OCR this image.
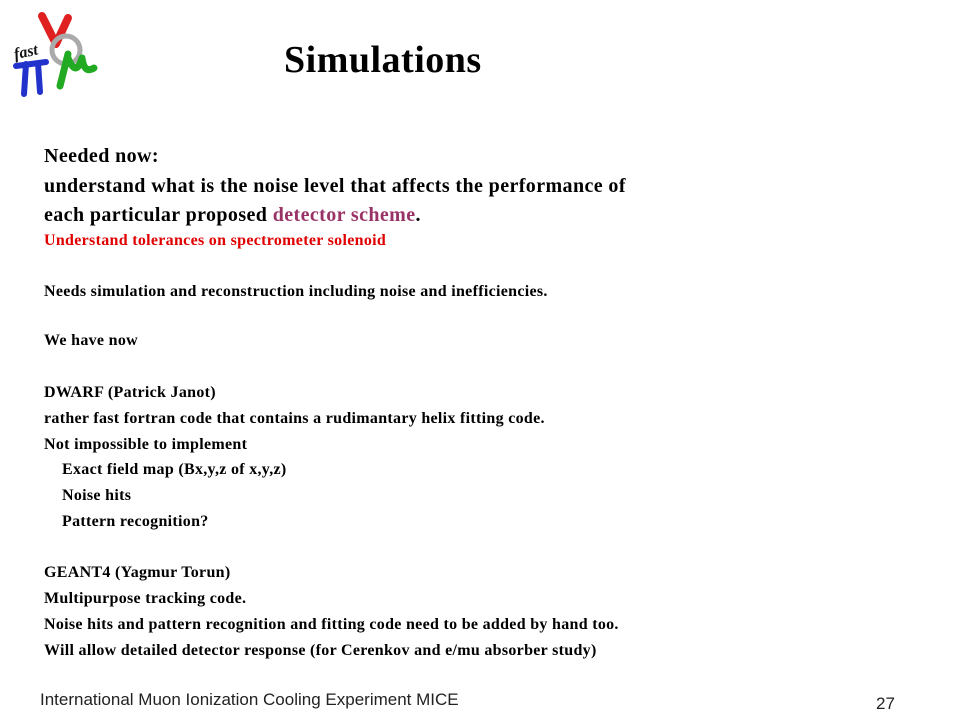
fast	Simulations
Needed now:
understand what is the noise level that affects the performance of
each particular proposed detector scheme.
Understand tolerances on spectrometer solenoid
Needs simulation and reconstruction including noise and inefficiencies.
We have now
DWARF (Patrick Janot)
rather fast fortran code that contains a rudimantary helix fitting code.
Not impossible to implement
Exact field map (Bx,y,z of x,y,z)
Noise hits
Pattern recognition?
GEANT4 (Yagmur Torun)
Multipurpose tracking code.
Noise hits and pattern recognition and fitting code need to be added by hand too.
Will allow detailed detector response (for Cerenkov and e/mu absorber study)
International Muon Ionization Cooling Experiment MICE	27
